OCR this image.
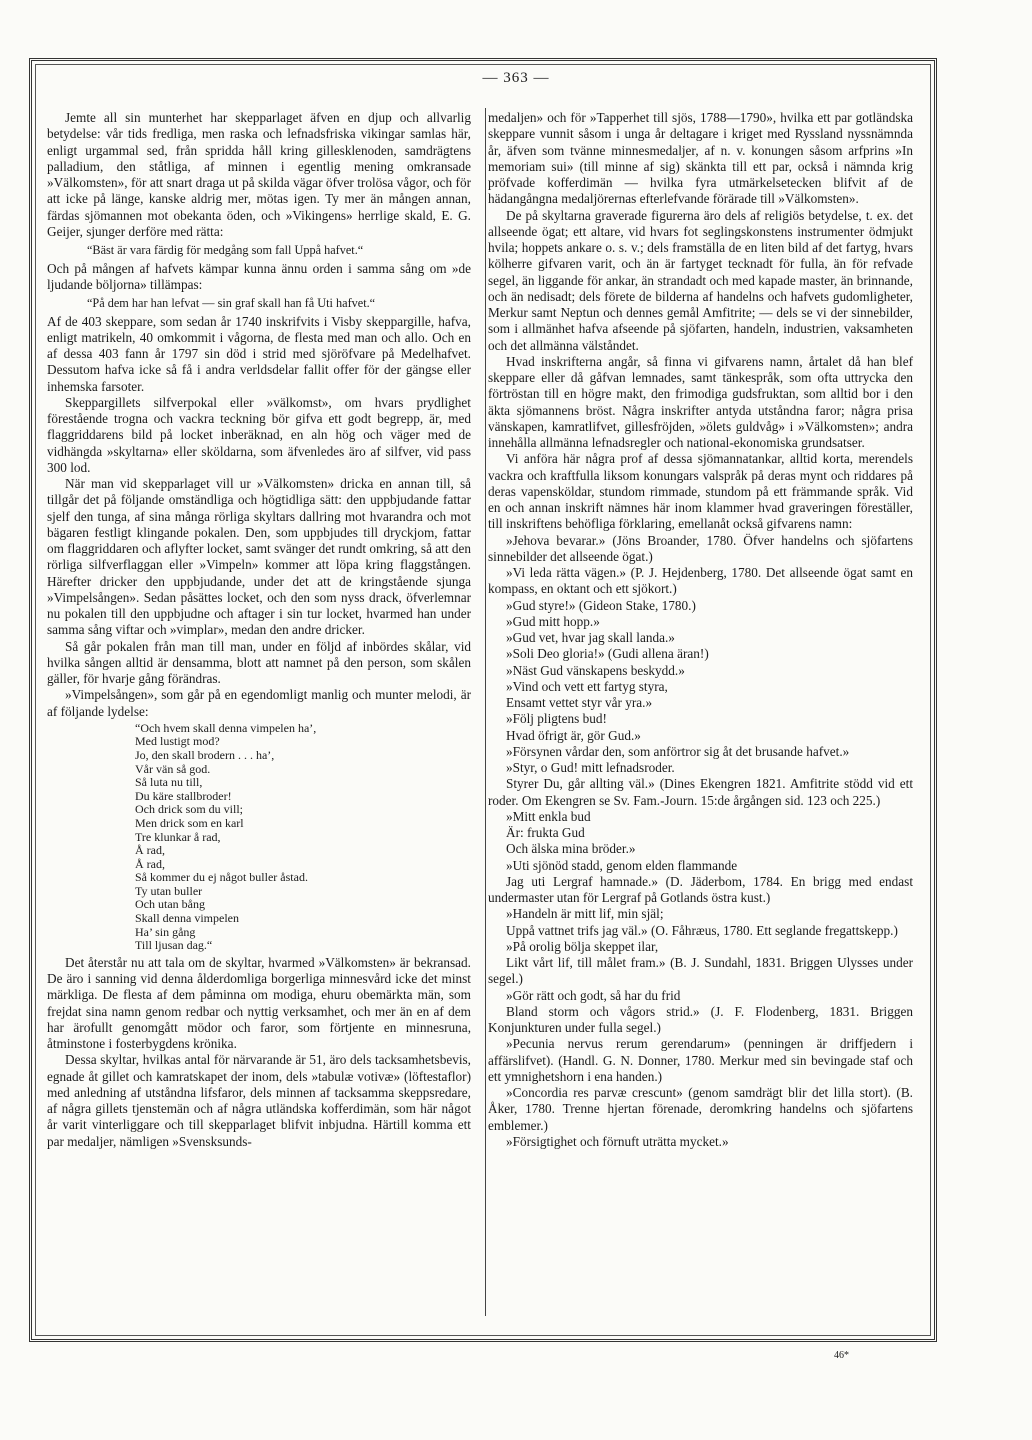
— 363 —

Jemte all sin munterhet har skepparlaget äfven en djup och allvarlig betydelse: vår tids fredliga, men raska och lefnadsfriska vikingar samlas här, enligt urgammal sed, från spridda håll kring gillesklenoden, samdrägtens palladium, den ståtliga, af minnen i egentlig mening omkransade »Välkomsten», för att snart draga ut på skilda vägar öfver trolösa vågor, och för att icke på länge, kanske aldrig mer, mötas igen. Ty mer än mången annan, färdas sjömannen mot obekanta öden, och »Vikingens» herrlige skald, E. G. Geijer, sjunger derföre med rätta:

“Bäst är vara färdig för medgång som fall Uppå hafvet.“

Och på mången af hafvets kämpar kunna ännu orden i samma sång om »de ljudande böljorna» tillämpas:

“På dem har han lefvat — sin graf skall han få Uti hafvet.“

Af de 403 skeppare, som sedan år 1740 inskrifvits i Visby skeppargille, hafva, enligt matrikeln, 40 omkommit i vågorna, de flesta med man och allo. Och en af dessa 403 fann år 1797 sin död i strid med sjöröfvare på Medelhafvet. Dessutom hafva icke så få i andra verldsdelar fallit offer för der gängse eller inhemska farsoter.

Skeppargillets silfverpokal eller »välkomst», om hvars prydlighet förestående trogna och vackra teckning bör gifva ett godt begrepp, är, med flaggriddarens bild på locket inberäknad, en aln hög och väger med de vidhängda »skyltarna» eller sköldarna, som äfvenledes äro af silfver, vid pass 300 lod.

När man vid skepparlaget vill ur »Välkomsten» dricka en annan till, så tillgår det på följande omständliga och högtidliga sätt: den uppbjudande fattar sjelf den tunga, af sina många rörliga skyltars dallring mot hvarandra och mot bägaren festligt klingande pokalen. Den, som uppbjudes till dryckjom, fattar om flaggriddaren och aflyfter locket, samt svänger det rundt omkring, så att den rörliga silfverflaggan eller »Vimpeln» kommer att löpa kring flaggstången. Härefter dricker den uppbjudande, under det att de kringstående sjunga »Vimpelsången». Sedan påsättes locket, och den som nyss drack, öfverlemnar nu pokalen till den uppbjudne och aftager i sin tur locket, hvarmed han under samma sång viftar och »vimplar», medan den andre dricker.

Så går pokalen från man till man, under en följd af inbördes skålar, vid hvilka sången alltid är densamma, blott att namnet på den person, som skålen gäller, för hvarje gång förändras.

»Vimpelsången», som går på en egendomligt manlig och munter melodi, är af följande lydelse:

“Och hvem skall denna vimpelen ha’,
Med lustigt mod?
Jo, den skall brodern . . . ha’,
Vår vän så god.
Så luta nu till,
Du käre stallbroder!
Och drick som du vill;
Men drick som en karl
Tre klunkar å rad,
Å rad,
Å rad,
Så kommer du ej något buller åstad.
Ty utan buller
Och utan bång
Skall denna vimpelen
Ha’ sin gång
Till ljusan dag.“

Det återstår nu att tala om de skyltar, hvarmed »Välkomsten» är bekransad. De äro i sanning vid denna ålderdomliga borgerliga minnesvård icke det minst märkliga. De flesta af dem påminna om modiga, ehuru obemärkta män, som frejdat sina namn genom redbar och nyttig verksamhet, och mer än en af dem har ärofullt genomgått mödor och faror, som förtjente en minnesruna, åtminstone i fosterbygdens krönika.

Dessa skyltar, hvilkas antal för närvarande är 51, äro dels tacksamhetsbevis, egnade åt gillet och kamratskapet der inom, dels »tabulæ votivæ» (löftestaflor) med anledning af utståndna lifsfaror, dels minnen af tacksamma skeppsredare, af några gillets tjenstemän och af några utländska kofferdimän, som här något år varit vinterliggare och till skepparlaget blifvit inbjudna. Härtill komma ett par medaljer, nämligen »Svensksunds-

medaljen» och för »Tapperhet till sjös, 1788—1790», hvilka ett par gotländska skeppare vunnit såsom i unga år deltagare i kriget med Ryssland nyssnämnda år, äfven som tvänne minnesmedaljer, af n. v. konungen såsom arfprins »In memoriam sui» (till minne af sig) skänkta till ett par, också i nämnda krig pröfvade kofferdimän — hvilka fyra utmärkelsetecken blifvit af de hädangångna medaljörernas efterlefvande förärade till »Välkomsten».

De på skyltarna graverade figurerna äro dels af religiös betydelse, t. ex. det allseende ögat; ett altare, vid hvars fot seglingskonstens instrumenter ödmjukt hvila; hoppets ankare o. s. v.; dels framställa de en liten bild af det fartyg, hvars kölherre gifvaren varit, och än är fartyget tecknadt för fulla, än för refvade segel, än liggande för ankar, än strandadt och med kapade master, än brinnande, och än nedisadt; dels förete de bilderna af handelns och hafvets gudomligheter, Merkur samt Neptun och dennes gemål Amfitrite; — dels se vi der sinnebilder, som i allmänhet hafva afseende på sjöfarten, handeln, industrien, vaksamheten och det allmänna välståndet.

Hvad inskrifterna angår, så finna vi gifvarens namn, årtalet då han blef skeppare eller då gåfvan lemnades, samt tänkespråk, som ofta uttrycka den förtröstan till en högre makt, den frimodiga gudsfruktan, som alltid bor i den äkta sjömannens bröst. Några inskrifter antyda utståndna faror; några prisa vänskapen, kamratlifvet, gillesfröjden, »ölets guldvåg» i »Välkomsten»; andra innehålla allmänna lefnadsregler och national-ekonomiska grundsatser.

Vi anföra här några prof af dessa sjömannatankar, alltid korta, merendels vackra och kraftfulla liksom konungars valspråk på deras mynt och riddares på deras vapensköldar, stundom rimmade, stundom på ett främmande språk. Vid en och annan inskrift nämnes här inom klammer hvad graveringen föreställer, till inskriftens behöfliga förklaring, emellanåt också gifvarens namn:

»Jehova bevarar.» (Jöns Broander, 1780. Öfver handelns och sjöfartens sinnebilder det allseende ögat.)

»Vi leda rätta vägen.» (P. J. Hejdenberg, 1780. Det allseende ögat samt en kompass, en oktant och ett sjökort.)

»Gud styre!» (Gideon Stake, 1780.)

»Gud mitt hopp.»

»Gud vet, hvar jag skall landa.»

»Soli Deo gloria!» (Gudi allena äran!)

»Näst Gud vänskapens beskydd.»

»Vind och vett ett fartyg styra,

Ensamt vettet styr vår yra.»

»Följ pligtens bud!

Hvad öfrigt är, gör Gud.»

»Försynen vårdar den, som anförtror sig åt det brusande hafvet.»

»Styr, o Gud! mitt lefnadsroder.

Styrer Du, går allting väl.» (Dines Ekengren 1821. Amfitrite stödd vid ett roder. Om Ekengren se Sv. Fam.-Journ. 15:de årgången sid. 123 och 225.)

»Mitt enkla bud

Är: frukta Gud

Och älska mina bröder.»

»Uti sjönöd stadd, genom elden flammande

Jag uti Lergraf hamnade.» (D. Jäderbom, 1784. En brigg med endast undermaster utan för Lergraf på Gotlands östra kust.)

»Handeln är mitt lif, min själ;

Uppå vattnet trifs jag väl.» (O. Fåhræus, 1780. Ett seglande fregattskepp.)

»På orolig bölja skeppet ilar,

Likt vårt lif, till målet fram.» (B. J. Sundahl, 1831. Briggen Ulysses under segel.)

»Gör rätt och godt, så har du frid

Bland storm och vågors strid.» (J. F. Flodenberg, 1831. Briggen Konjunkturen under fulla segel.)

»Pecunia nervus rerum gerendarum» (penningen är driffjedern i affärslifvet). (Handl. G. N. Donner, 1780. Merkur med sin bevingade staf och ett ymnighetshorn i ena handen.)

»Concordia res parvæ crescunt» (genom samdrägt blir det lilla stort). (B. Åker, 1780. Trenne hjertan förenade, deromkring handelns och sjöfartens emblemer.)

»Försigtighet och förnuft uträtta mycket.»

46*
